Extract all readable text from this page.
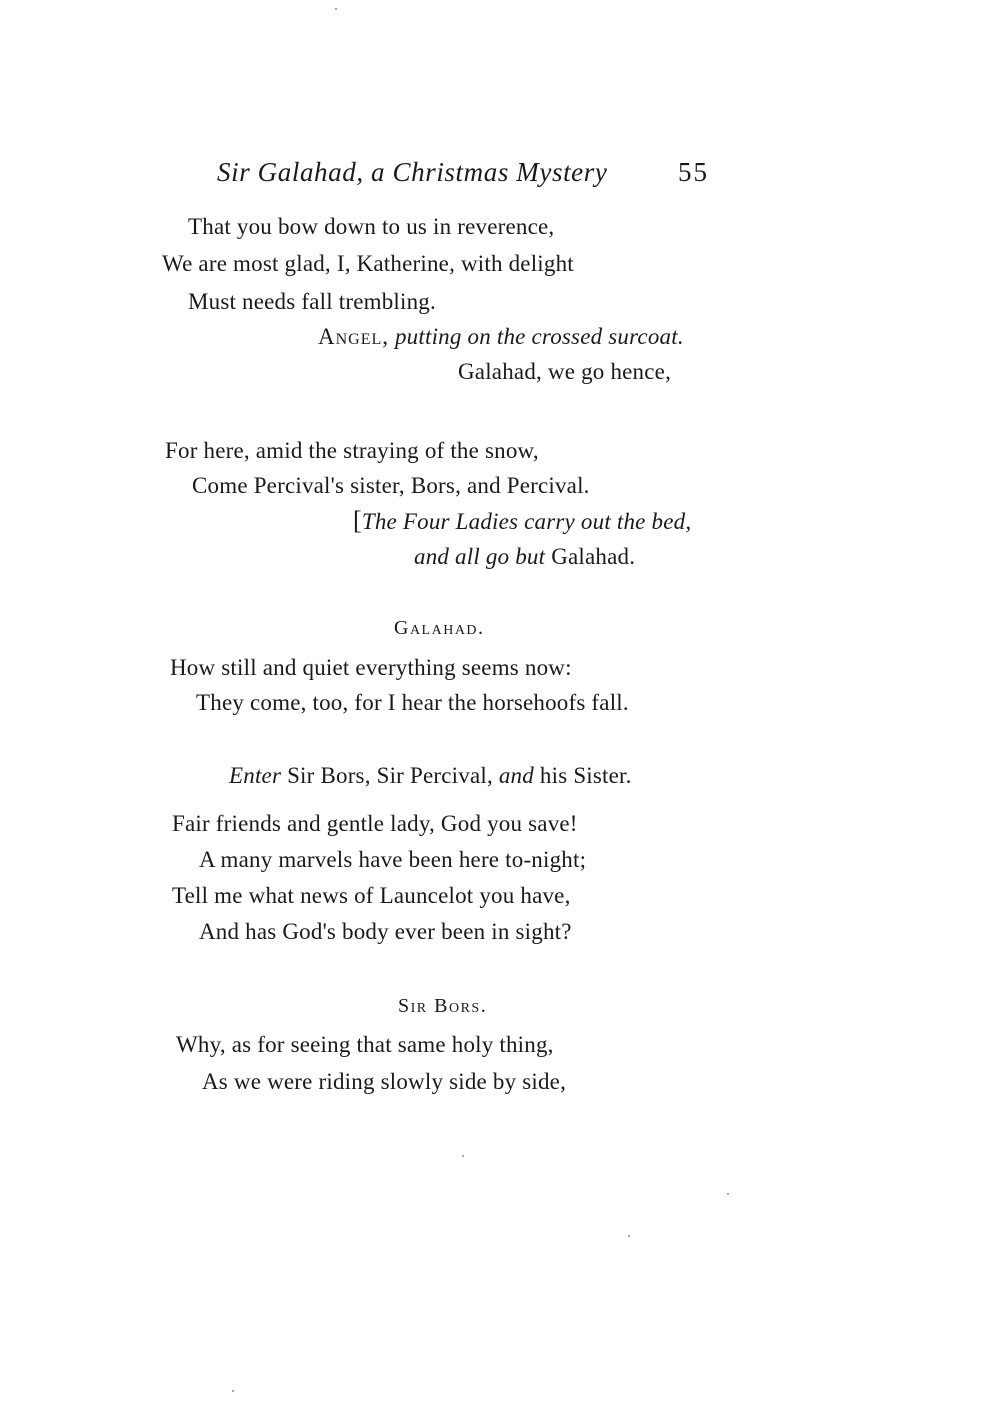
Sir Galahad, a Christmas Mystery	55
That you bow down to us in reverence,
We are most glad, I, Katherine, with delight
Must needs fall trembling.
Angel, putting on the crossed surcoat.
Galahad, we go hence,
For here, amid the straying of the snow,
Come Percival's sister, Bors, and Percival.
[The Four Ladies carry out the bed,
and all go but Galahad.
Galahad.
How still and quiet everything seems now:
They come, too, for I hear the horsehoofs fall.
Enter Sir Bors, Sir Percival, and his Sister.
Fair friends and gentle lady, God you save!
A many marvels have been here to-night;
Tell me what news of Launcelot you have,
And has God's body ever been in sight?
Sir Bors.
Why, as for seeing that same holy thing,
As we were riding slowly side by side,
